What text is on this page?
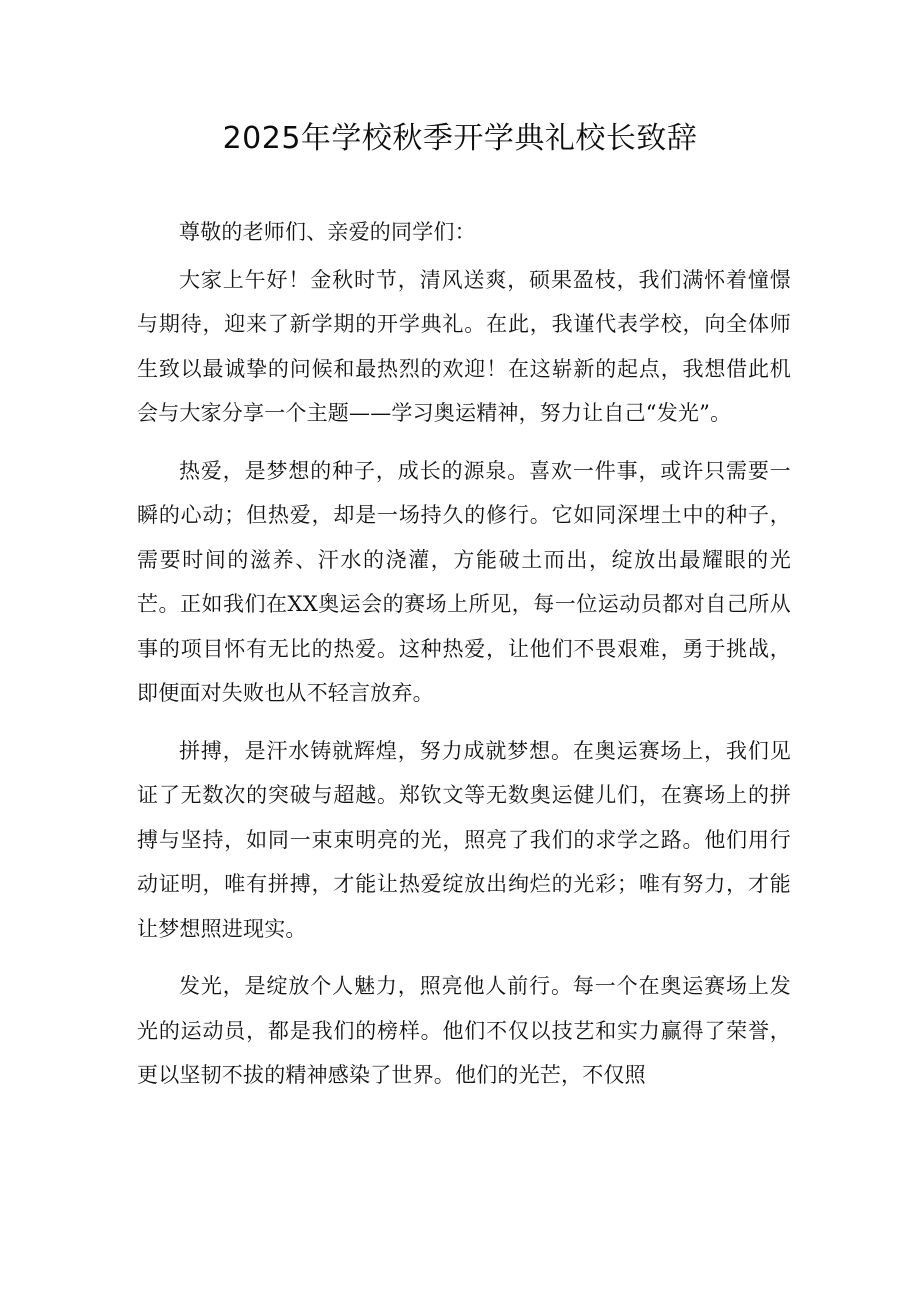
2025年学校秋季开学典礼校长致辞

尊敬的老师们、亲爱的同学们：

大家上午好！金秋时节，清风送爽，硕果盈枝，我们满怀着憧憬与期待，迎来了新学期的开学典礼。在此，我谨代表学校，向全体师生致以最诚挚的问候和最热烈的欢迎！在这崭新的起点，我想借此机会与大家分享一个主题——学习奥运精神，努力让自己“发光”。

热爱，是梦想的种子，成长的源泉。喜欢一件事，或许只需要一瞬的心动；但热爱，却是一场持久的修行。它如同深埋土中的种子，需要时间的滋养、汗水的浇灌，方能破土而出，绽放出最耀眼的光芒。正如我们在XX奥运会的赛场上所见，每一位运动员都对自己所从事的项目怀有无比的热爱。这种热爱，让他们不畏艰难，勇于挑战，即便面对失败也从不轻言放弃。

拼搏，是汗水铸就辉煌，努力成就梦想。在奥运赛场上，我们见证了无数次的突破与超越。郑钦文等无数奥运健儿们，在赛场上的拼搏与坚持，如同一束束明亮的光，照亮了我们的求学之路。他们用行动证明，唯有拼搏，才能让热爱绽放出绚烂的光彩；唯有努力，才能让梦想照进现实。

发光，是绽放个人魅力，照亮他人前行。每一个在奥运赛场上发光的运动员，都是我们的榜样。他们不仅以技艺和实力赢得了荣誉，更以坚韧不拔的精神感染了世界。他们的光芒，不仅照
